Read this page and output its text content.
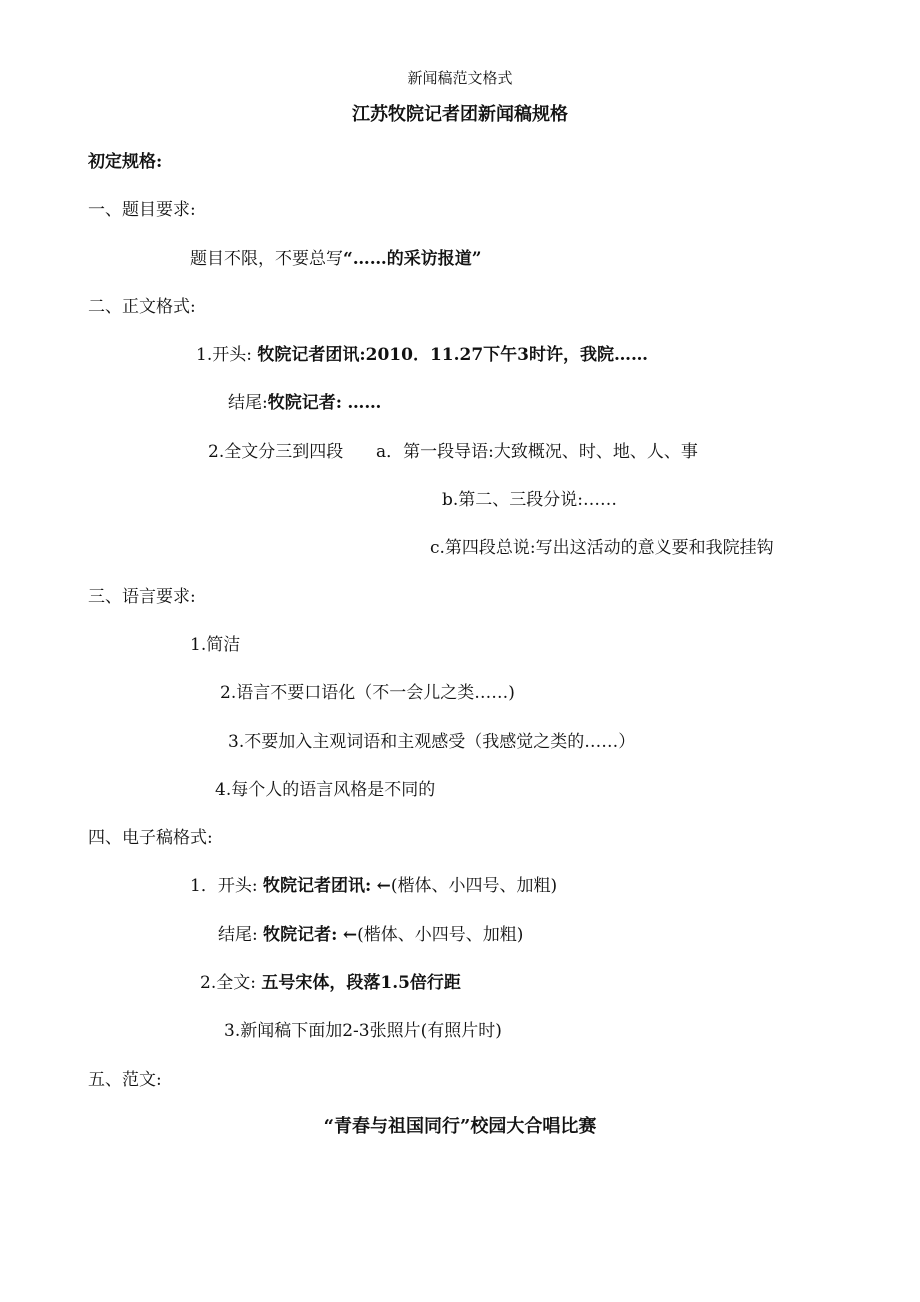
新闻稿范文格式
江苏牧院记者团新闻稿规格
初定规格:
一、题目要求:
题目不限，不要总写“……的采访报道”
二、正文格式:
1.开头: 牧院记者团讯:2010．11.27下午3时许，我院……
结尾:牧院记者: ……
2.全文分三到四段 a．第一段导语:大致概况、时、地、人、事
b.第二、三段分说:……
c.第四段总说:写出这活动的意义要和我院挂钩
三、语言要求:
1.简洁
2.语言不要口语化（不一会儿之类……)
3.不要加入主观词语和主观感受（我感觉之类的……）
4.每个人的语言风格是不同的
四、电子稿格式:
1．开头: 牧院记者团讯: ←(楷体、小四号、加粗)
结尾: 牧院记者: ←(楷体、小四号、加粗)
2.全文: 五号宋体，段落1.5倍行距
3.新闻稿下面加2-3张照片(有照片时)
五、范文:
“青春与祖国同行”校园大合唱比赛
